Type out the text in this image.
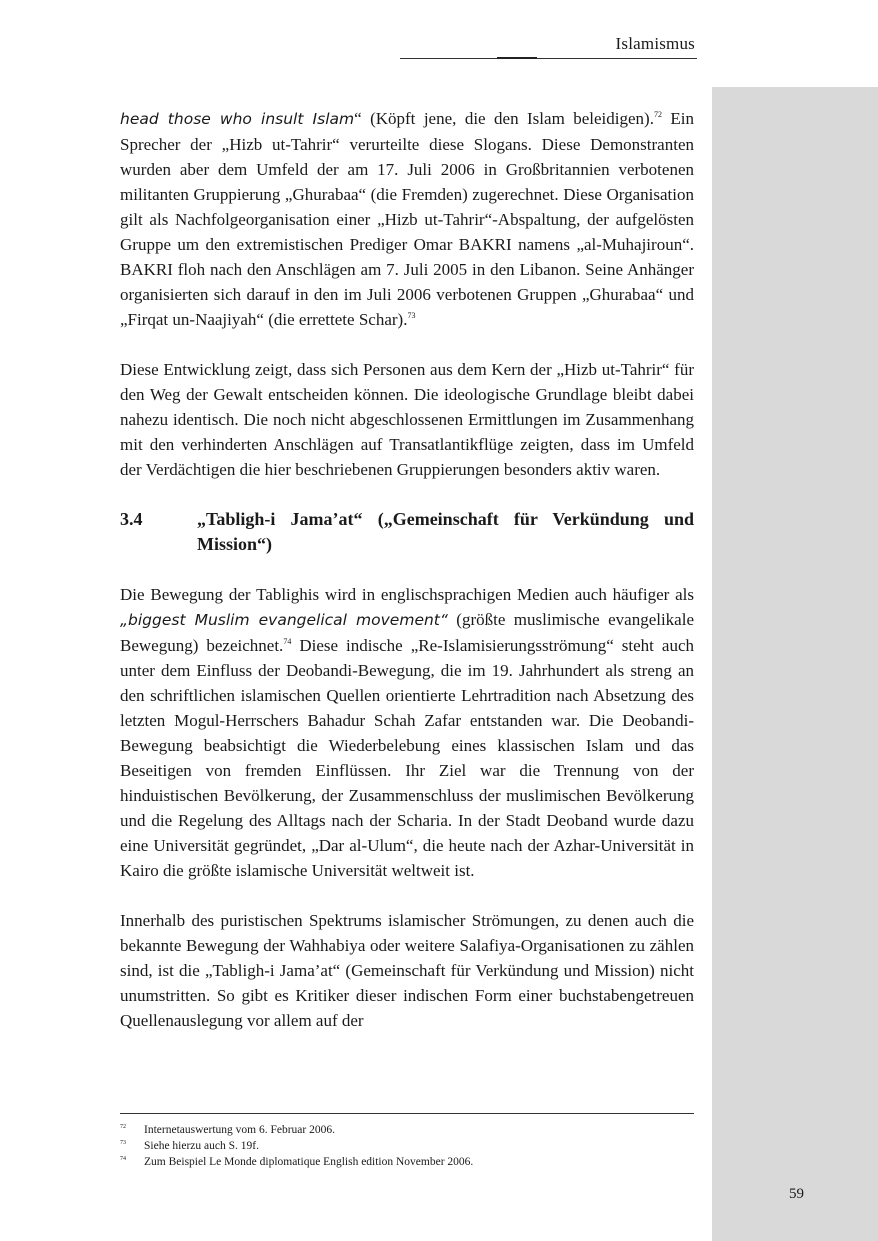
Islamismus

head those who insult Islam“ (Köpft jene, die den Islam beleidigen).$^{72}$ Ein Sprecher der „Hizb ut-Tahrir“ verurteilte diese Slogans. Diese Demonstranten wurden aber dem Umfeld der am 17. Juli 2006 in Großbritannien verbotenen militanten Gruppierung „Ghurabaa“ (die Fremden) zugerechnet. Diese Organisation gilt als Nachfolgeorganisation einer „Hizb ut-Tahrir“-Abspaltung, der aufgelösten Gruppe um den extremistischen Prediger Omar BAKRI namens „al-Muhajiroun“. BAKRI floh nach den Anschlägen am 7. Juli 2005 in den Libanon. Seine Anhänger organisierten sich darauf in den im Juli 2006 verbotenen Gruppen „Ghurabaa“ und „Firqat un-Naajiyah“ (die errettete Schar).$^{73}$

Diese Entwicklung zeigt, dass sich Personen aus dem Kern der „Hizb ut-Tahrir“ für den Weg der Gewalt entscheiden können. Die ideologische Grundlage bleibt dabei nahezu identisch. Die noch nicht abgeschlossenen Ermittlungen im Zusammenhang mit den verhinderten Anschlägen auf Transatlantikflüge zeigten, dass im Umfeld der Verdächtigen die hier beschriebenen Gruppierungen besonders aktiv waren.

3.4	„Tabligh-i Jama’at“ („Gemeinschaft für Verkündung und Mission“)

Die Bewegung der Tablighis wird in englischsprachigen Medien auch häufiger als „biggest Muslim evangelical movement“ (größte muslimische evangelikale Bewegung) bezeichnet.$^{74}$ Diese indische „Re-Islamisierungsströmung“ steht auch unter dem Einfluss der Deobandi-Bewegung, die im 19. Jahrhundert als streng an den schriftlichen islamischen Quellen orientierte Lehrtradition nach Absetzung des letzten Mogul-Herrschers Bahadur Schah Zafar entstanden war. Die Deobandi-Bewegung beabsichtigt die Wiederbelebung eines klassischen Islam und das Beseitigen von fremden Einflüssen. Ihr Ziel war die Trennung von der hinduistischen Bevölkerung, der Zusammenschluss der muslimischen Bevölkerung und die Regelung des Alltags nach der Scharia. In der Stadt Deoband wurde dazu eine Universität gegründet, „Dar al-Ulum“, die heute nach der Azhar-Universität in Kairo die größte islamische Universität weltweit ist.

Innerhalb des puristischen Spektrums islamischer Strömungen, zu denen auch die bekannte Bewegung der Wahhabiya oder weitere Salafiya-Organisationen zu zählen sind, ist die „Tabligh-i Jama’at“ (Gemeinschaft für Verkündung und Mission) nicht unumstritten. So gibt es Kritiker dieser indischen Form einer buchstabengetreuen Quellenauslegung vor allem auf der

72	Internetauswertung vom 6. Februar 2006.
73	Siehe hierzu auch S. 19f.
74	Zum Beispiel Le Monde diplomatique English edition November 2006.
59
